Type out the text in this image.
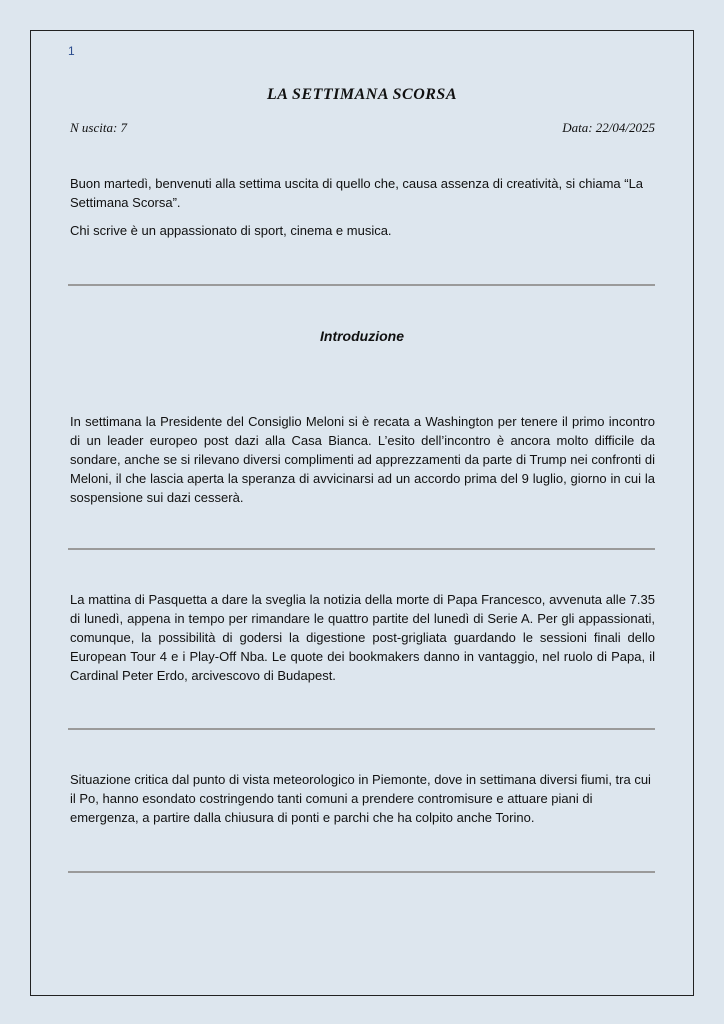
1
LA SETTIMANA SCORSA
N uscita: 7	Data: 22/04/2025

Buon martedì, benvenuti alla settima uscita di quello che, causa assenza di creatività, si chiama “La Settimana Scorsa”.

Chi scrive è un appassionato di sport, cinema e musica.

Introduzione

In settimana la Presidente del Consiglio Meloni si è recata a Washington per tenere il primo incontro di un leader europeo post dazi alla Casa Bianca. L’esito dell’incontro è ancora molto difficile da sondare, anche se si rilevano diversi complimenti ad apprezzamenti da parte di Trump nei confronti di Meloni, il che lascia aperta la speranza di avvicinarsi ad un accordo prima del 9 luglio, giorno in cui la sospensione sui dazi cesserà.

La mattina di Pasquetta a dare la sveglia la notizia della morte di Papa Francesco, avvenuta alle 7.35 di lunedì, appena in tempo per rimandare le quattro partite del lunedì di Serie A. Per gli appassionati, comunque, la possibilità di godersi la digestione post-grigliata guardando le sessioni finali dello European Tour 4 e i Play-Off Nba. Le quote dei bookmakers danno in vantaggio, nel ruolo di Papa, il Cardinal Peter Erdo, arcivescovo di Budapest.

Situazione critica dal punto di vista meteorologico in Piemonte, dove in settimana diversi fiumi, tra cui il Po, hanno esondato costringendo tanti comuni a prendere contromisure e attuare piani di emergenza, a partire dalla chiusura di ponti e parchi che ha colpito anche Torino.
